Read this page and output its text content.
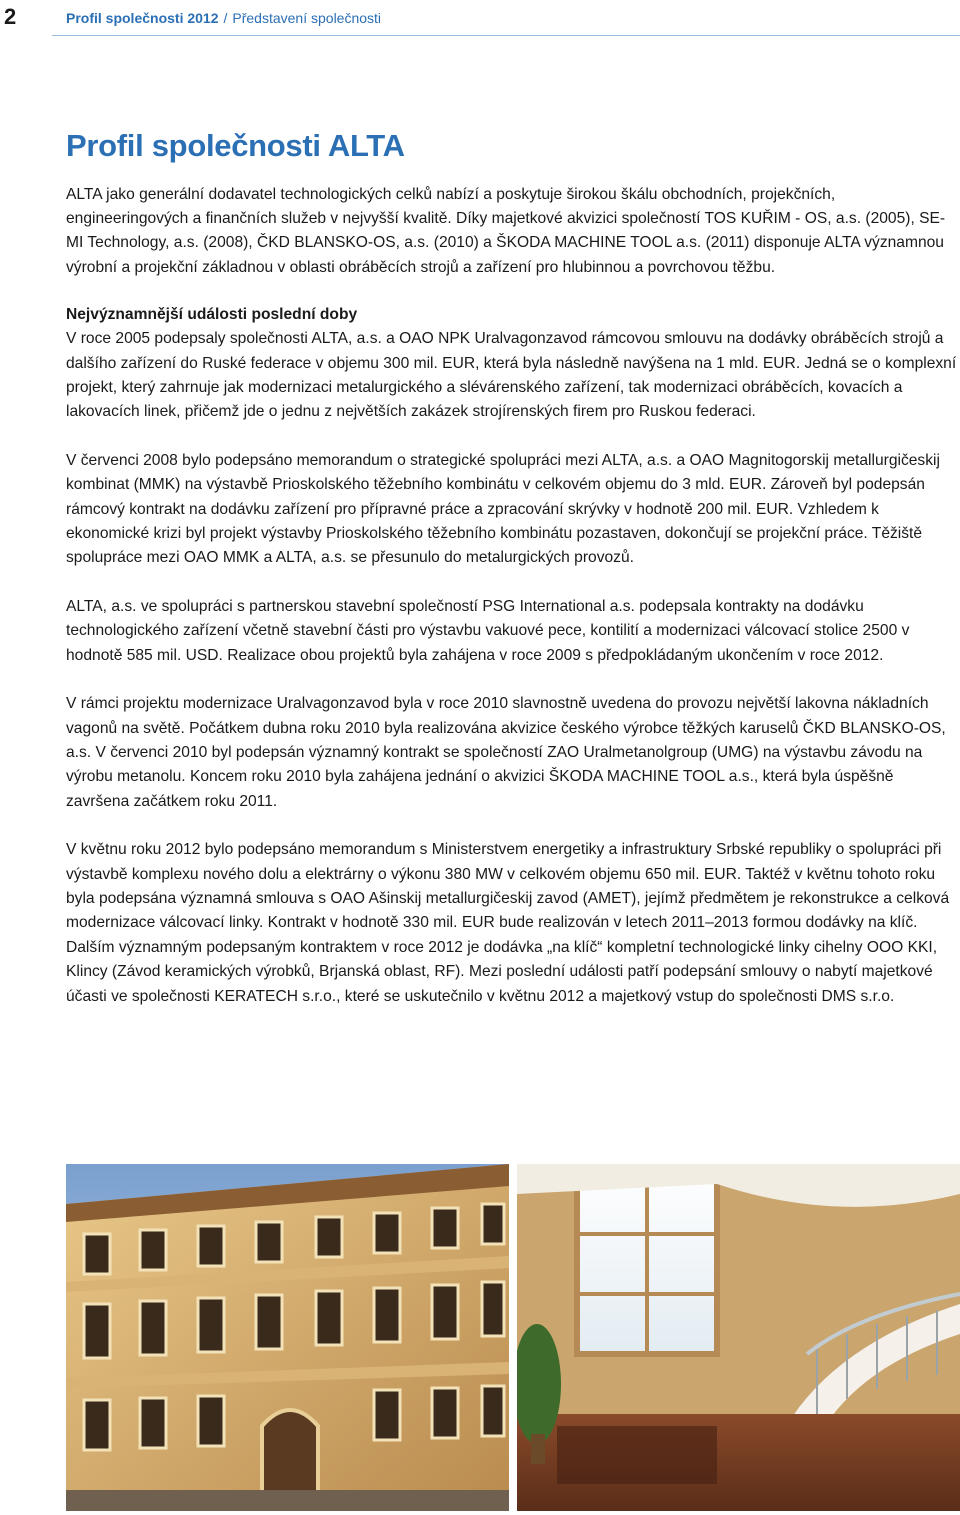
2	Profil společnosti 2012 / Představení společnosti
Profil společnosti ALTA

ALTA jako generální dodavatel technologických celků nabízí a poskytuje širokou škálu obchodních, projekčních, engineeringových a finančních služeb v nejvyšší kvalitě. Díky majetkové akvizici společností TOS KUŘIM - OS, a.s. (2005), SE-MI Technology, a.s. (2008), ČKD BLANSKO-OS, a.s. (2010) a ŠKODA MACHINE TOOL a.s. (2011) disponuje ALTA významnou výrobní a projekční základnou v oblasti obráběcích strojů a zařízení pro hlubinnou a povrchovou těžbu.

Nejvýznamnější události poslední doby

V roce 2005 podepsaly společnosti ALTA, a.s. a OAO NPK Uralvagonzavod rámcovou smlouvu na dodávky obráběcích strojů a dalšího zařízení do Ruské federace v objemu 300 mil. EUR, která byla následně navýšena na 1 mld. EUR. Jedná se o komplexní projekt, který zahrnuje jak modernizaci metalurgického a slévárenského zařízení, tak modernizaci obráběcích, kovacích a lakovacích linek, přičemž jde o jednu z největších zakázek strojírenských firem pro Ruskou federaci.

V červenci 2008 bylo podepsáno memorandum o strategické spolupráci mezi ALTA, a.s. a OAO Magnitogorskij metallurgičeskij kombinat (MMK) na výstavbě Prioskolského těžebního kombinátu v celkovém objemu do 3 mld. EUR. Zároveň byl podepsán rámcový kontrakt na dodávku zařízení pro přípravné práce a zpracování skrývky v hodnotě 200 mil. EUR. Vzhledem k ekonomické krizi byl projekt výstavby Prioskolského těžebního kombinátu pozastaven, dokončují se projekční práce. Těžiště spolupráce mezi OAO MMK a ALTA, a.s. se přesunulo do metalurgických provozů.

ALTA, a.s. ve spolupráci s partnerskou stavební společností PSG International a.s. podepsala kontrakty na dodávku technologického zařízení včetně stavební části pro výstavbu vakuové pece, kontilití a modernizaci válcovací stolice 2500 v hodnotě 585 mil. USD. Realizace obou projektů byla zahájena v roce 2009 s předpokládaným ukončením v roce 2012.

V rámci projektu modernizace Uralvagonzavod byla v roce 2010 slavnostně uvedena do provozu největší lakovna nákladních vagonů na světě. Počátkem dubna roku 2010 byla realizována akvizice českého výrobce těžkých karuselů ČKD BLANSKO-OS, a.s. V červenci 2010 byl podepsán významný kontrakt se společností ZAO Uralmetanolgroup (UMG) na výstavbu závodu na výrobu metanolu. Koncem roku 2010 byla zahájena jednání o akvizici ŠKODA MACHINE TOOL a.s., která byla úspěšně završena začátkem roku 2011.

V květnu roku 2012 bylo podepsáno memorandum s Ministerstvem energetiky a infrastruktury Srbské republiky o spolupráci při výstavbě komplexu nového dolu a elektrárny o výkonu 380 MW v celkovém objemu 650 mil. EUR. Taktéž v květnu tohoto roku byla podepsána významná smlouva s OAO Ašinskij metallurgičeskij zavod (AMET), jejímž předmětem je rekonstrukce a celková modernizace válcovací linky. Kontrakt v hodnotě 330 mil. EUR bude realizován v letech 2011–2013 formou dodávky na klíč. Dalším významným podepsaným kontraktem v roce 2012 je dodávka „na klíč“ kompletní technologické linky cihelny OOO KKI, Klincy (Závod keramických výrobků, Brjanská oblast, RF). Mezi poslední události patří podepsání smlouvy o nabytí majetkové účasti ve společnosti KERATECH s.r.o., které se uskutečnilo v květnu 2012 a majetkový vstup do společnosti DMS s.r.o.
